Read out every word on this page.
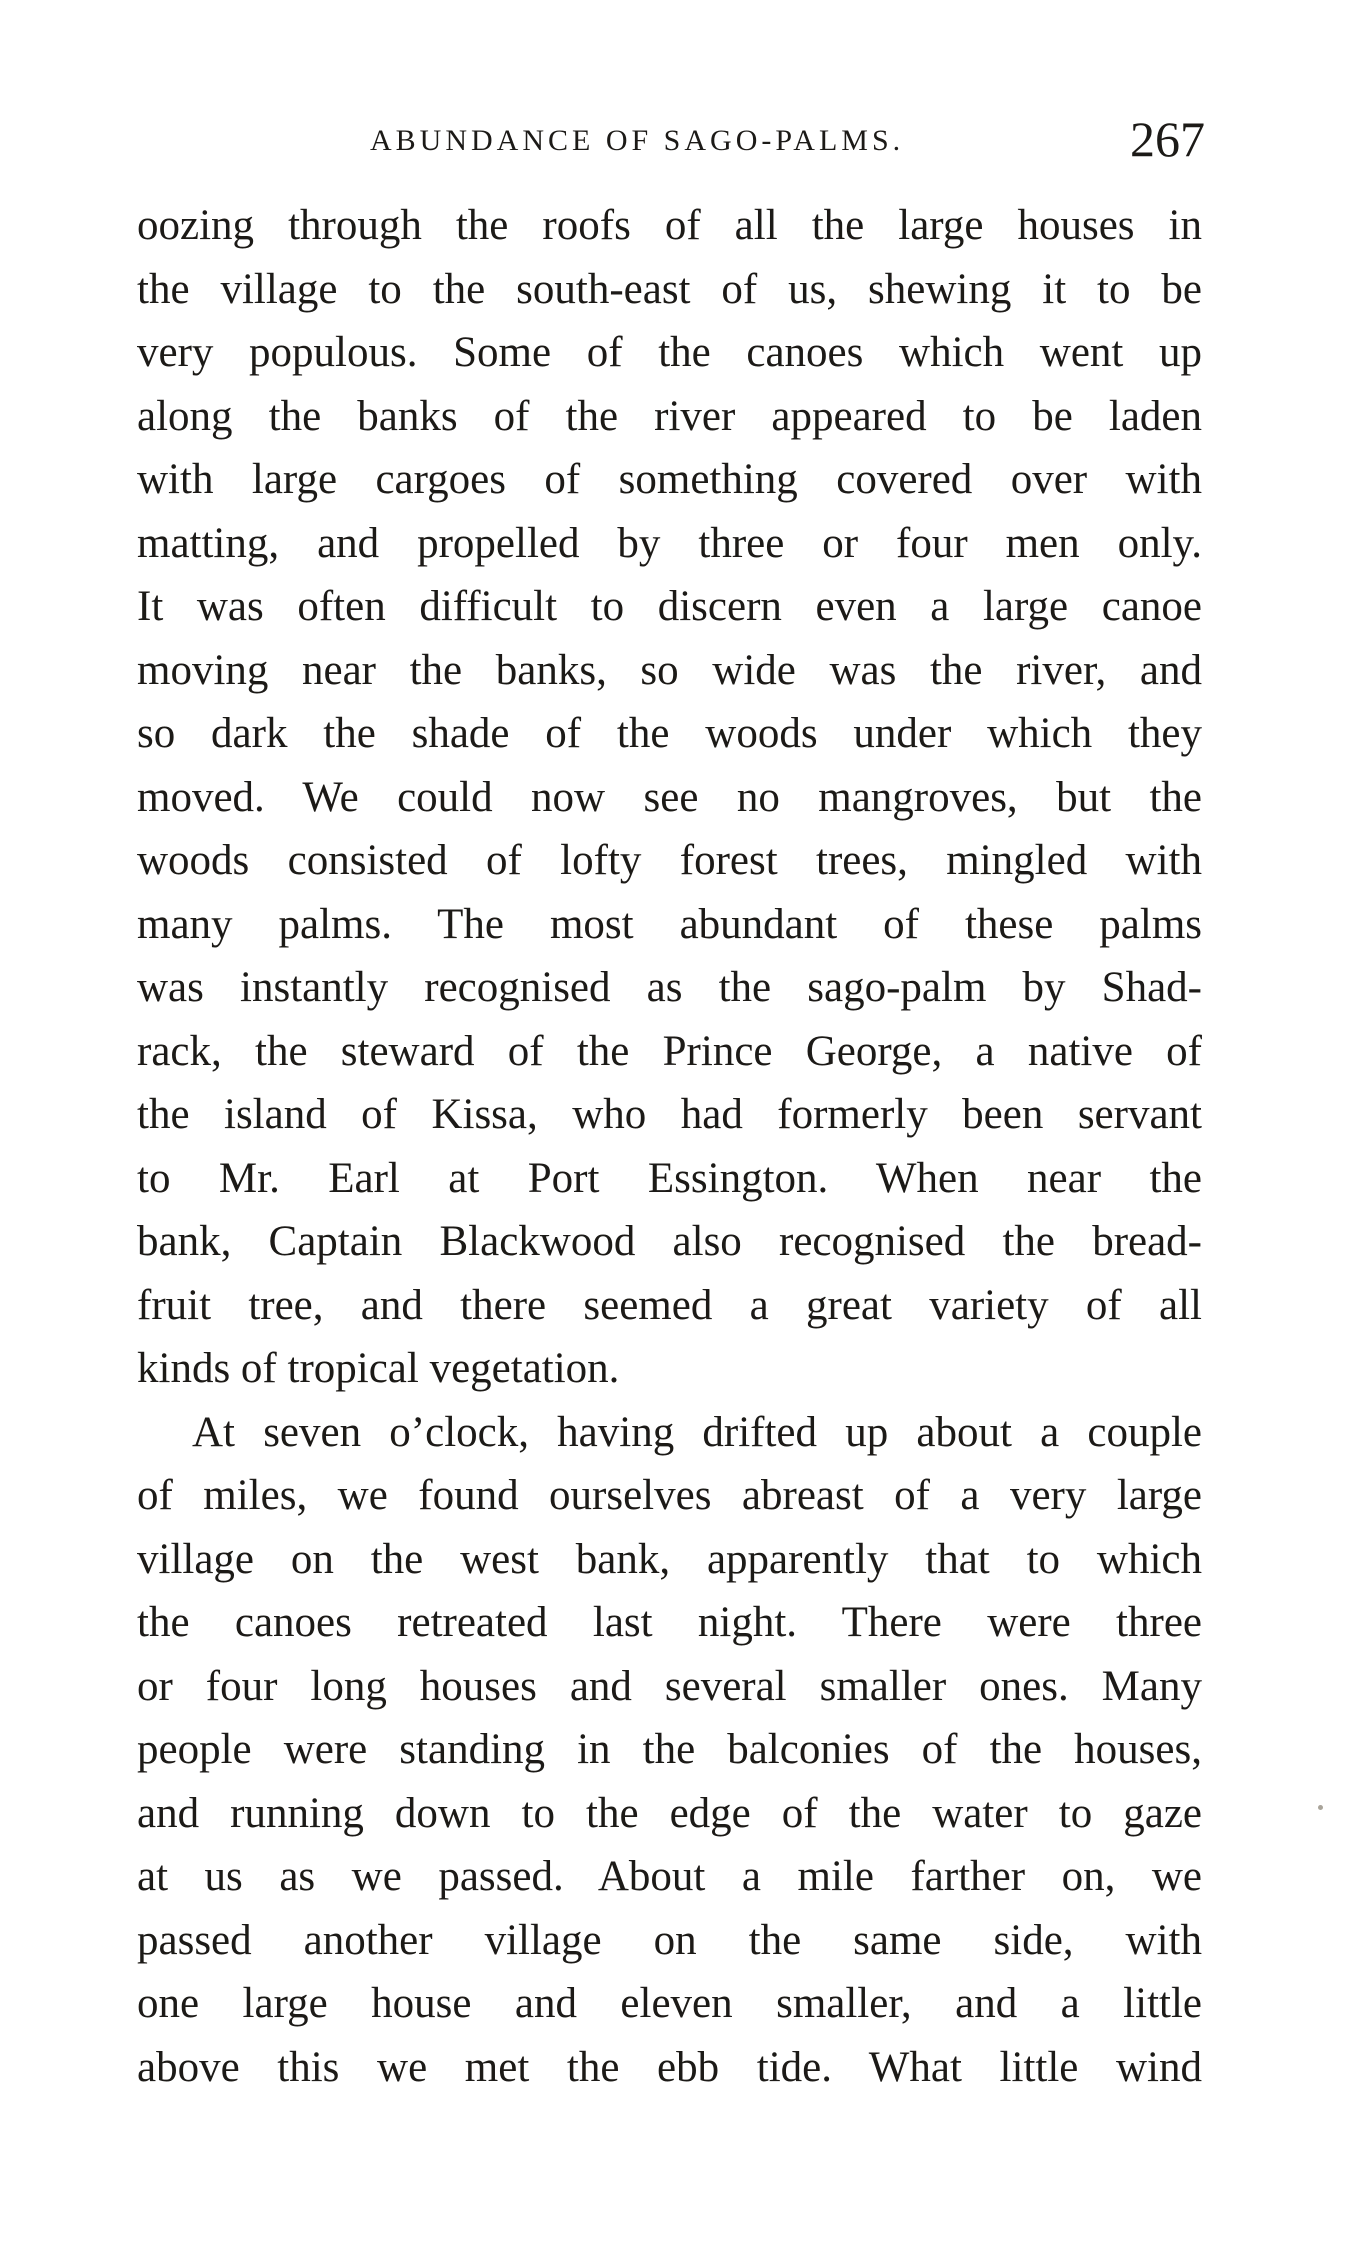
ABUNDANCE OF SAGO-PALMS.	267
oozing through the roofs of all the large houses in
the village to the south-east of us, shewing it to be
very populous. Some of the canoes which went up
along the banks of the river appeared to be laden
with large cargoes of something covered over with
matting, and propelled by three or four men only.
It was often difficult to discern even a large canoe
moving near the banks, so wide was the river, and
so dark the shade of the woods under which they
moved. We could now see no mangroves, but the
woods consisted of lofty forest trees, mingled with
many palms. The most abundant of these palms
was instantly recognised as the sago-palm by Shad-
rack, the steward of the Prince George, a native of
the island of Kissa, who had formerly been servant
to Mr. Earl at Port Essington. When near the
bank, Captain Blackwood also recognised the bread-
fruit tree, and there seemed a great variety of all
kinds of tropical vegetation.
At seven o’clock, having drifted up about a couple
of miles, we found ourselves abreast of a very large
village on the west bank, apparently that to which
the canoes retreated last night. There were three
or four long houses and several smaller ones. Many
people were standing in the balconies of the houses,
and running down to the edge of the water to gaze
at us as we passed. About a mile farther on, we
passed another village on the same side, with
one large house and eleven smaller, and a little
above this we met the ebb tide. What little wind
